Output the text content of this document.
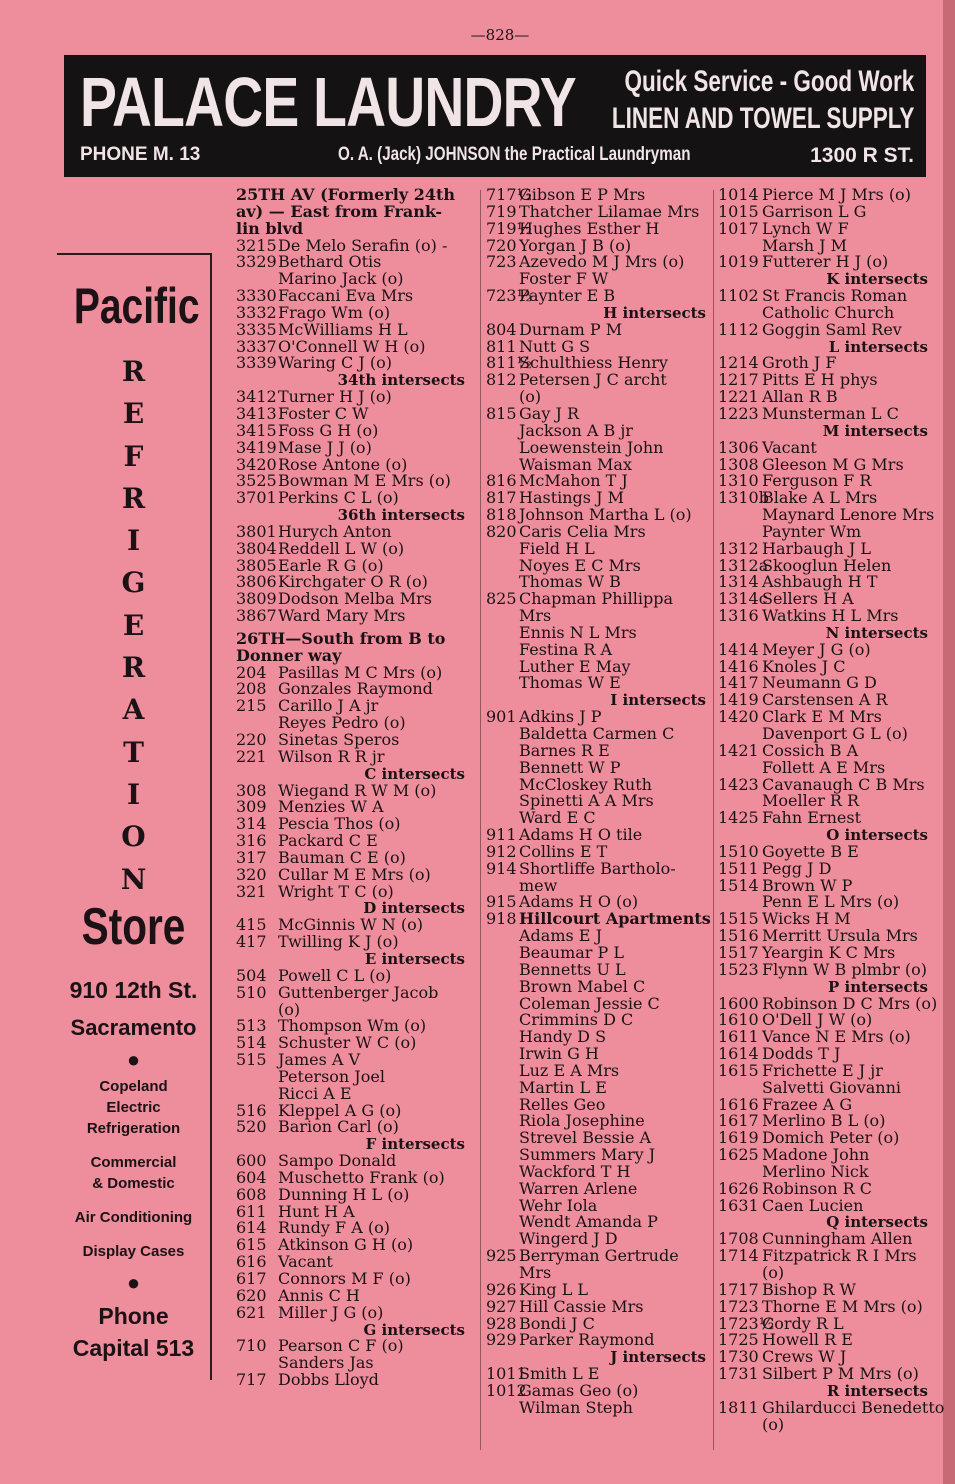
—828—
PALACE LAUNDRY Quick Service - Good Work
LINEN AND TOWEL SUPPLY
PHONE M. 13	O. A. (Jack) JOHNSON the Practical Laundryman	1300 R ST.
Pacific
R
E
F
R
I
G
E
R
A
T
I
O
N
Store
910 12th St.
Sacramento
●
Copeland
Electric
Refrigeration
Commercial
& Domestic
Air Conditioning
Display Cases
●
Phone
Capital 513
25TH AV (Formerly 24th
av) — East from Frank-
lin blvd
3215 De Melo Serafin (o) -
3329 Bethard Otis
Marino Jack (o)
3330 Faccani Eva Mrs
3332 Frago Wm (o)
3335 McWilliams H L
3337 O'Connell W H (o)
3339 Waring C J (o)
34th intersects
3412 Turner H J (o)
3413 Foster C W
3415 Foss G H (o)
3419 Mase J J (o)
3420 Rose Antone (o)
3525 Bowman M E Mrs (o)
3701 Perkins C L (o)
36th intersects
3801 Hurych Anton
3804 Reddell L W (o)
3805 Earle R G (o)
3806 Kirchgater O R (o)
3809 Dodson Melba Mrs
3867 Ward Mary Mrs
26TH—South from B to
Donner way
204 Pasillas M C Mrs (o)
208 Gonzales Raymond
215 Carillo J A jr
Reyes Pedro (o)
220 Sinetas Speros
221 Wilson R R jr
C intersects
308 Wiegand R W M (o)
309 Menzies W A
314 Pescia Thos (o)
316 Packard C E
317 Bauman C E (o)
320 Cullar M E Mrs (o)
321 Wright T C (o)
D intersects
415 McGinnis W N (o)
417 Twilling K J (o)
E intersects
504 Powell C L (o)
510 Guttenberger Jacob
(o)
513 Thompson Wm (o)
514 Schuster W C (o)
515 James A V
Peterson Joel
Ricci A E
516 Kleppel A G (o)
520 Barion Carl (o)
F intersects
600 Sampo Donald
604 Muschetto Frank (o)
608 Dunning H L (o)
611 Hunt H A
614 Rundy F A (o)
615 Atkinson G H (o)
616 Vacant
617 Connors M F (o)
620 Annis C H
621 Miller J G (o)
G intersects
710 Pearson C F (o)
Sanders Jas
717 Dobbs Lloyd
717½
Gibson E P Mrs
719 Thatcher Lilamae Mrs
719½
Hughes Esther H
720 Yorgan J B (o)
723 Azevedo M J Mrs (o)
Foster F W
723½
Paynter E B
H intersects
804 Durnam P M
811 Nutt G S
811½
Schulthiess Henry
812 Petersen J C archt
(o)
815 Gay J R
Jackson A B jr
Loewenstein John
Waisman Max
816 McMahon T J
817 Hastings J M
818 Johnson Martha L (o)
820 Caris Celia Mrs
Field H L
Noyes E C Mrs
Thomas W B
825 Chapman Phillippa
Mrs
Ennis N L Mrs
Festina R A
Luther E May
Thomas W E
I intersects
901 Adkins J P
Baldetta Carmen C
Barnes R E
Bennett W P
McCloskey Ruth
Spinetti A A Mrs
Ward E C
911 Adams H O tile
912 Collins E T
914 Shortliffe Bartholo-
mew
915 Adams H O (o)
918 Hillcourt Apartments
Adams E J
Beaumar P L
Bennetts U L
Brown Mabel C
Coleman Jessie C
Crimmins D C
Handy D S
Irwin G H
Luz E A Mrs
Martin L E
Relles Geo
Riola Josephine
Strevel Bessie A
Summers Mary J
Wackford T H
Warren Arlene
Wehr Iola
Wendt Amanda P
Wingerd J D
925 Berryman Gertrude
Mrs
926 King L L
927 Hill Cassie Mrs
928 Bondi J C
929 Parker Raymond
J intersects
1011
Smith L E
1012
Gamas Geo (o)
Wilman Steph
1014 Pierce M J Mrs (o)
1015 Garrison L G
1017 Lynch W F
Marsh J M
1019 Futterer H J (o)
K intersects
1102 St Francis Roman
Catholic Church
1112 Goggin Saml Rev
L intersects
1214 Groth J F
1217 Pitts E H phys
1221 Allan R B
1223 Munsterman L C
M intersects
1306 Vacant
1308 Gleeson M G Mrs
1310 Ferguson F R
1310b
Blake A L Mrs
Maynard Lenore Mrs
Paynter Wm
1312 Harbaugh J L
1312a
Skooglun Helen
1314 Ashbaugh H T
1314c
Sellers H A
1316 Watkins H L Mrs
N intersects
1414 Meyer J G (o)
1416 Knoles J C
1417 Neumann G D
1419 Carstensen A R
1420 Clark E M Mrs
Davenport G L (o)
1421 Cossich B A
Follett A E Mrs
1423 Cavanaugh C B Mrs
Moeller R R
1425 Fahn Ernest
O intersects
1510 Goyette B E
1511 Pegg J D
1514 Brown W P
Penn E L Mrs (o)
1515 Wicks H M
1516 Merritt Ursula Mrs
1517 Yeargin K C Mrs
1523 Flynn W B plmbr (o)
P intersects
1600 Robinson D C Mrs (o)
1610 O'Dell J W (o)
1611 Vance N E Mrs (o)
1614 Dodds T J
1615 Frichette E J jr
Salvetti Giovanni
1616 Frazee A G
1617 Merlino B L (o)
1619 Domich Peter (o)
1625 Madone John
Merlino Nick
1626 Robinson R C
1631 Caen Lucien
Q intersects
1708 Cunningham Allen
1714 Fitzpatrick R I Mrs
(o)
1717 Bishop R W
1723 Thorne E M Mrs (o)
1723½
Cordy R L
1725 Howell R E
1730 Crews W J
1731 Silbert P M Mrs (o)
R intersects
1811 Ghilarducci Benedetto
(o)
